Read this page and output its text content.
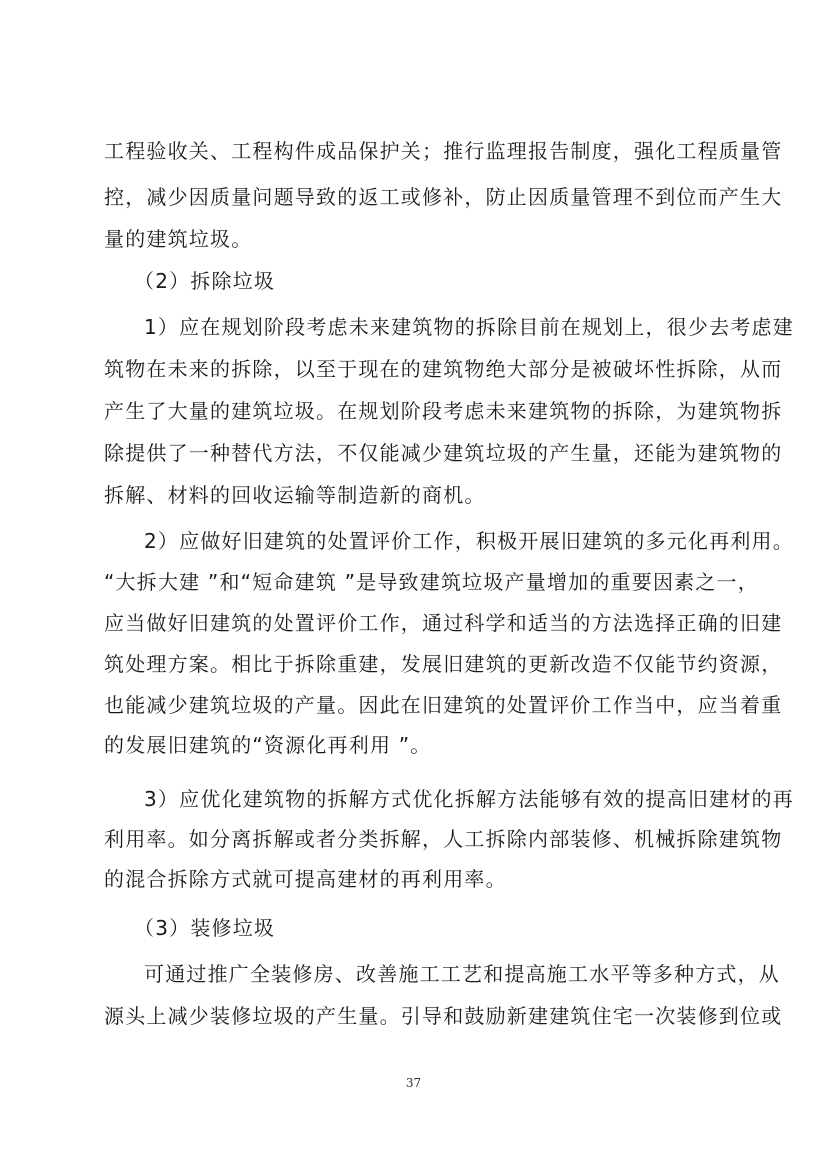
工程验收关、工程构件成品保护关；推行监理报告制度，强化工程质量管
控，减少因质量问题导致的返工或修补，防止因质量管理不到位而产生大
量的建筑垃圾。
（2）拆除垃圾
1）应在规划阶段考虑未来建筑物的拆除目前在规划上，很少去考虑建
筑物在未来的拆除，以至于现在的建筑物绝大部分是被破坏性拆除，从而
产生了大量的建筑垃圾。在规划阶段考虑未来建筑物的拆除，为建筑物拆
除提供了一种替代方法，不仅能减少建筑垃圾的产生量，还能为建筑物的
拆解、材料的回收运输等制造新的商机。
2）应做好旧建筑的处置评价工作，积极开展旧建筑的多元化再利用。
“大拆大建 ”和“短命建筑 ”是导致建筑垃圾产量增加的重要因素之一，
应当做好旧建筑的处置评价工作，通过科学和适当的方法选择正确的旧建
筑处理方案。相比于拆除重建，发展旧建筑的更新改造不仅能节约资源，
也能减少建筑垃圾的产量。因此在旧建筑的处置评价工作当中，应当着重
的发展旧建筑的“资源化再利用 ”。
3）应优化建筑物的拆解方式优化拆解方法能够有效的提高旧建材的再
利用率。如分离拆解或者分类拆解，人工拆除内部装修、机械拆除建筑物
的混合拆除方式就可提高建材的再利用率。
（3）装修垃圾
可通过推广全装修房、改善施工工艺和提高施工水平等多种方式，从
源头上减少装修垃圾的产生量。引导和鼓励新建建筑住宅一次装修到位或
37
